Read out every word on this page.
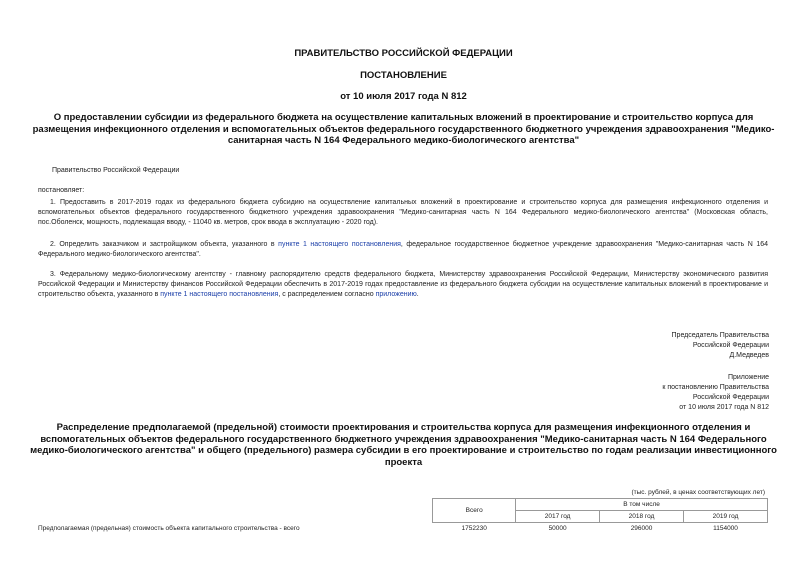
ПРАВИТЕЛЬСТВО РОССИЙСКОЙ ФЕДЕРАЦИИ
ПОСТАНОВЛЕНИЕ
от 10 июля 2017 года N 812
О предоставлении субсидии из федерального бюджета на осуществление капитальных вложений в проектирование и строительство корпуса для размещения инфекционного отделения и вспомогательных объектов федерального государственного бюджетного учреждения здравоохранения "Медико-санитарная часть N 164 Федерального медико-биологического агентства"
Правительство Российской Федерации
постановляет:
1. Предоставить в 2017-2019 годах из федерального бюджета субсидию на осуществление капитальных вложений в проектирование и строительство корпуса для размещения инфекционного отделения и вспомогательных объектов федерального государственного бюджетного учреждения здравоохранения "Медико-санитарная часть N 164 Федерального медико-биологического агентства" (Московская область, пос.Оболенск, мощность, подлежащая вводу, - 11040 кв. метров, срок ввода в эксплуатацию - 2020 год).
2. Определить заказчиком и застройщиком объекта, указанного в пункте 1 настоящего постановления, федеральное государственное бюджетное учреждение здравоохранения "Медико-санитарная часть N 164 Федерального медико-биологического агентства".
3. Федеральному медико-биологическому агентству - главному распорядителю средств федерального бюджета, Министерству здравоохранения Российской Федерации, Министерству экономического развития Российской Федерации и Министерству финансов Российской Федерации обеспечить в 2017-2019 годах предоставление из федерального бюджета субсидии на осуществление капитальных вложений в проектирование и строительство объекта, указанного в пункте 1 настоящего постановления, с распределением согласно приложению.
Председатель Правительства
Российской Федерации
Д.Медведев
Приложение
к постановлению Правительства
Российской Федерации
от 10 июля 2017 года N 812
Распределение предполагаемой (предельной) стоимости проектирования и строительства корпуса для размещения инфекционного отделения и вспомогательных объектов федерального государственного бюджетного учреждения здравоохранения "Медико-санитарная часть N 164 Федерального медико-биологического агентства" и общего (предельного) размера субсидии в его проектирование и строительство по годам реализации инвестиционного проекта
(тыс. рублей, в ценах соответствующих лет)
	Всего	В том числе		
		2017 год	2018 год	2019 год
Предполагаемая (предельная) стоимость объекта капитального строительства - всего	1752230	50000	296000	1154000
